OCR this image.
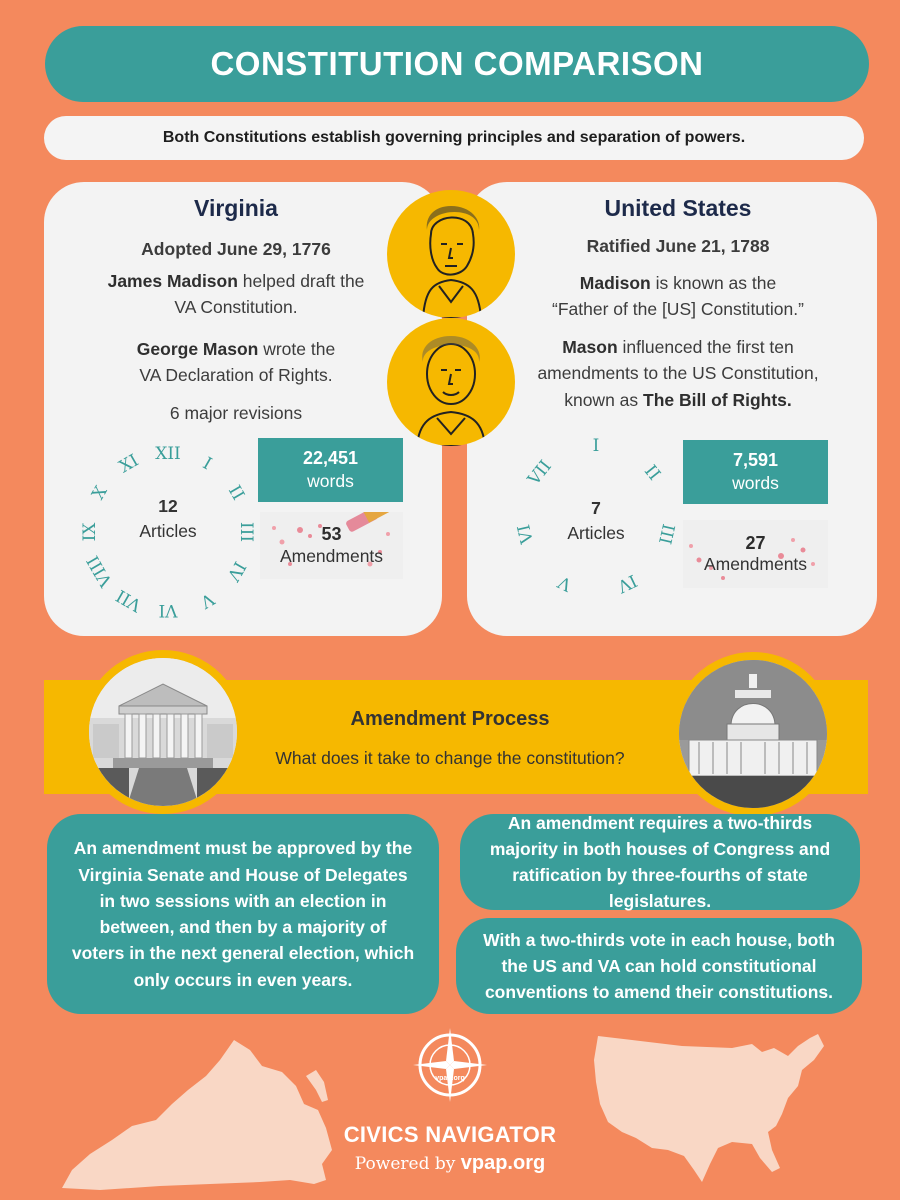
CONSTITUTION COMPARISON
Both Constitutions establish governing principles and separation of powers.
Virginia
Adopted June 29, 1776
James Madison helped draft the
VA Constitution.
George Mason wrote the
VA Declaration of Rights.
6 major revisions
XII
I
II
III
IV
V
VI
VII
VIII
IX
X
XI
12
Articles
22,451
words
53
Amendments
United States
Ratified June 21, 1788
Madison is known as the
“Father of the [US] Constitution.”
Mason influenced the first ten
amendments to the US Constitution,
known as The Bill of Rights.
I
II
III
IV
V
VI
VII
7
Articles
7,591
words
27
Amendments
Amendment Process
What does it take to change the constitution?
An amendment must be approved by the Virginia Senate and House of Delegates in two sessions with an election in between, and then by a majority of voters in the next general election, which only occurs in even years.
An amendment requires a two-thirds majority in both houses of Congress and ratification by three-fourths of state legislatures.
With a two-thirds vote in each house, both the US and VA can hold constitutional conventions to amend their constitutions.
vpap.org
CIVICS NAVIGATOR
Powered by vpap.org
